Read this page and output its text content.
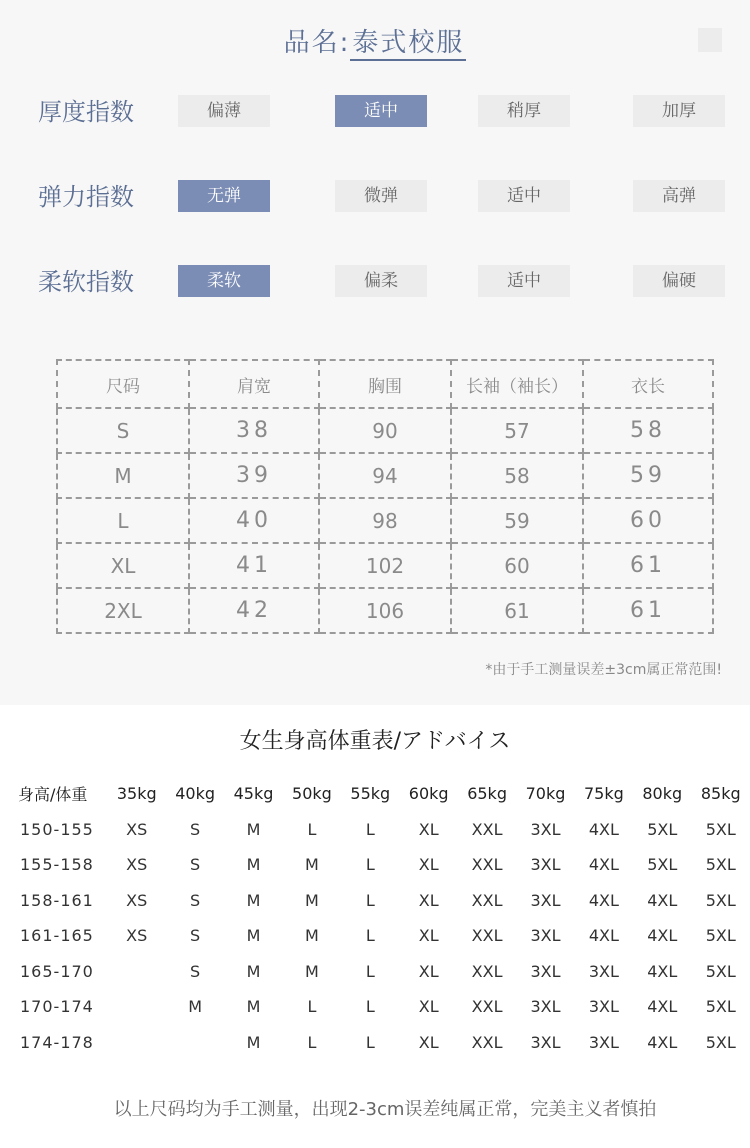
品名:泰式校服
厚度指数	偏薄	适中	稍厚	加厚
弹力指数	无弹	微弹	适中	高弹
柔软指数	柔软	偏柔	适中	偏硬
尺码	肩宽	胸围	长袖（袖长）	衣长
S	38	90	57	58
M	39	94	58	59
L	40	98	59	60
XL	41	102	60	61
2XL	42	106	61	61
*由于手工测量误差±3cm属正常范围!
女生身高体重表/アドバイス
身高/体重	35kg	40kg	45kg	50kg	55kg	60kg	65kg	70kg	75kg	80kg	85kg
150-155	XS	S	M	L	L	XL	XXL	3XL	4XL	5XL	5XL
155-158	XS	S	M	M	L	XL	XXL	3XL	4XL	5XL	5XL
158-161	XS	S	M	M	L	XL	XXL	3XL	4XL	4XL	5XL
161-165	XS	S	M	M	L	XL	XXL	3XL	4XL	4XL	5XL
165-170		S	M	M	L	XL	XXL	3XL	3XL	4XL	5XL
170-174		M	M	L	L	XL	XXL	3XL	3XL	4XL	5XL
174-178			M	L	L	XL	XXL	3XL	3XL	4XL	5XL
以上尺码均为手工测量，出现2-3cm误差纯属正常，完美主义者慎拍
